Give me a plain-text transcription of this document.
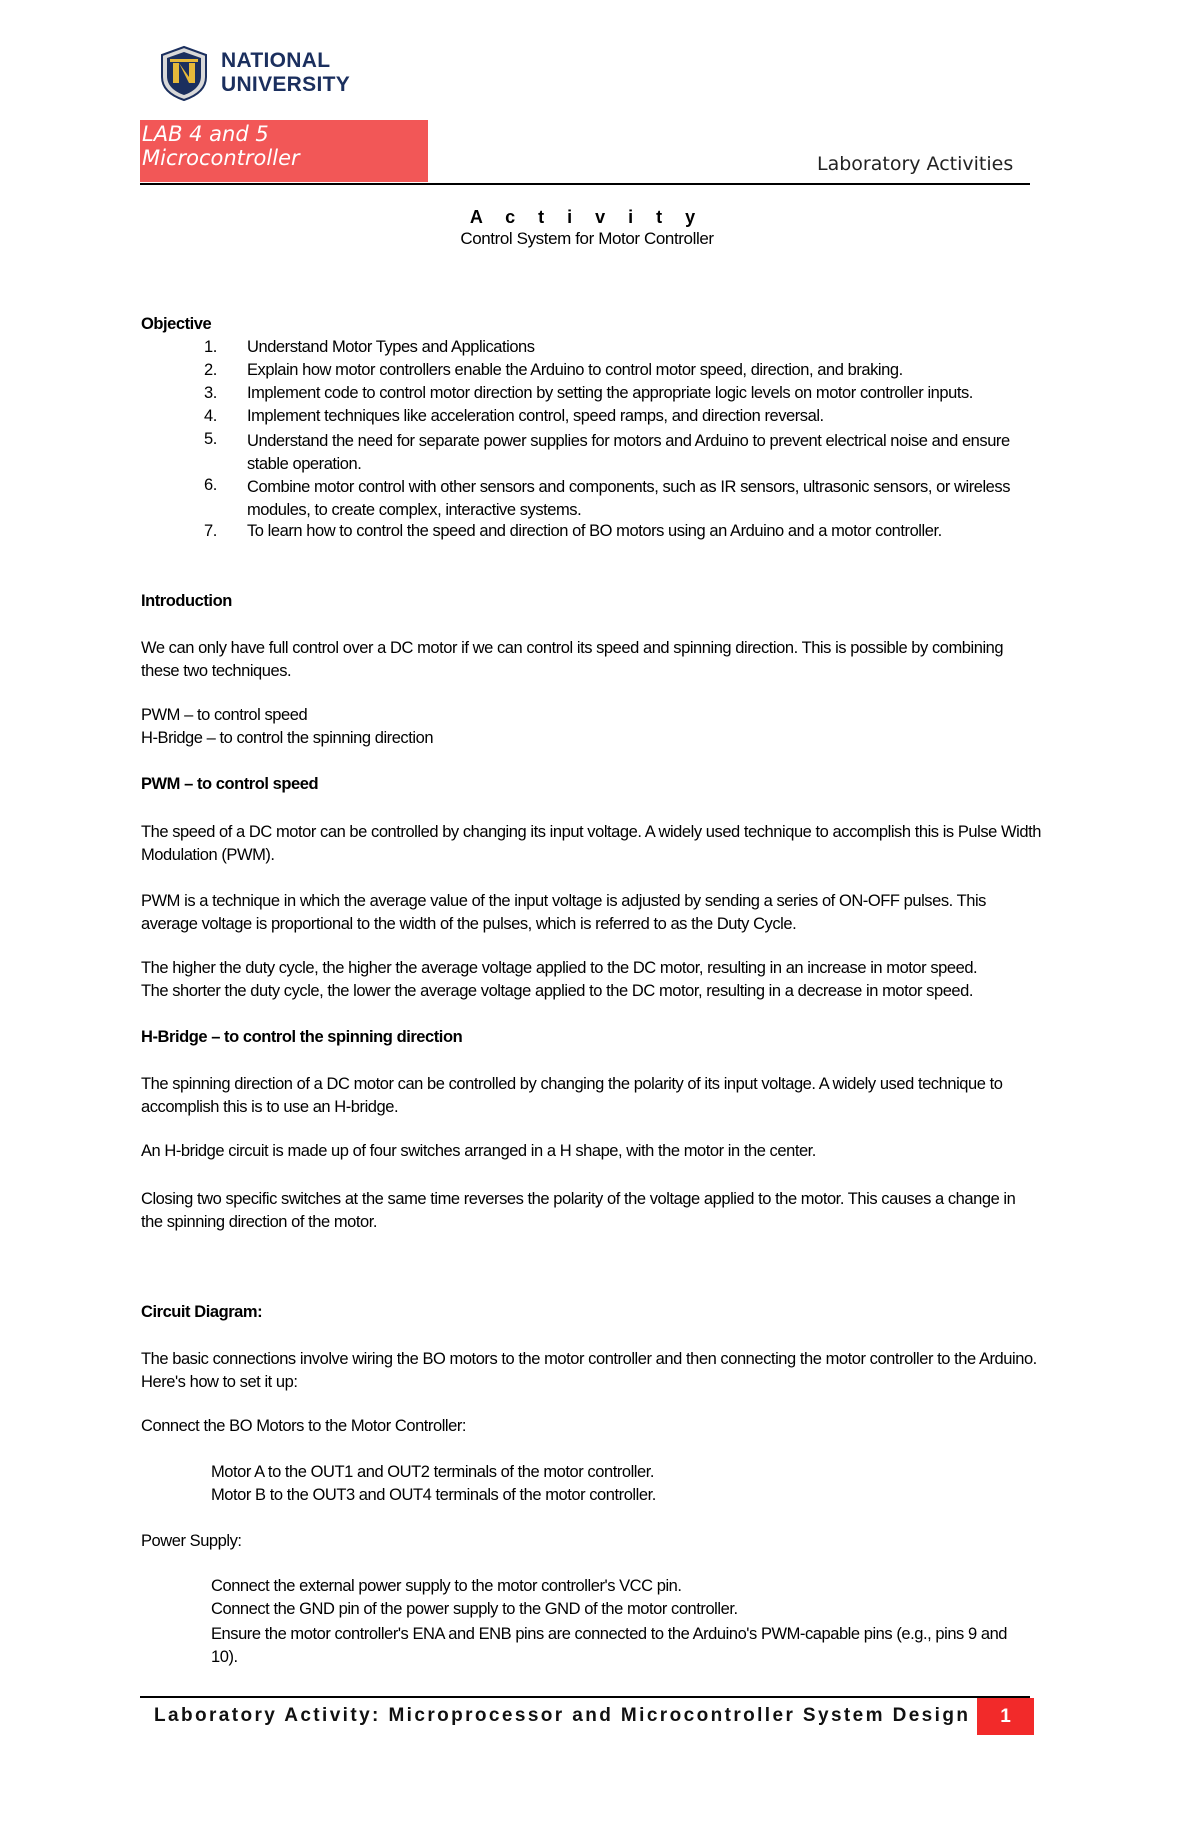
NATIONAL
UNIVERSITY
LAB 4 and 5
Microcontroller	Laboratory Activities
A c t i v i t y
Control System for Motor Controller
Objective
1. Understand Motor Types and Applications
2. Explain how motor controllers enable the Arduino to control motor speed, direction, and braking.
3. Implement code to control motor direction by setting the appropriate logic levels on motor controller inputs.
4. Implement techniques like acceleration control, speed ramps, and direction reversal.
5. Understand the need for separate power supplies for motors and Arduino to prevent electrical noise and ensure stable operation.
6. Combine motor control with other sensors and components, such as IR sensors, ultrasonic sensors, or wireless modules, to create complex, interactive systems.
7. To learn how to control the speed and direction of BO motors using an Arduino and a motor controller.
Introduction
We can only have full control over a DC motor if we can control its speed and spinning direction. This is possible by combining these two techniques.
PWM – to control speed
H-Bridge – to control the spinning direction
PWM – to control speed
The speed of a DC motor can be controlled by changing its input voltage. A widely used technique to accomplish this is Pulse Width Modulation (PWM).
PWM is a technique in which the average value of the input voltage is adjusted by sending a series of ON-OFF pulses. This average voltage is proportional to the width of the pulses, which is referred to as the Duty Cycle.
The higher the duty cycle, the higher the average voltage applied to the DC motor, resulting in an increase in motor speed.
The shorter the duty cycle, the lower the average voltage applied to the DC motor, resulting in a decrease in motor speed.
H-Bridge – to control the spinning direction
The spinning direction of a DC motor can be controlled by changing the polarity of its input voltage. A widely used technique to accomplish this is to use an H-bridge.
An H-bridge circuit is made up of four switches arranged in a H shape, with the motor in the center.
Closing two specific switches at the same time reverses the polarity of the voltage applied to the motor. This causes a change in the spinning direction of the motor.
Circuit Diagram:
The basic connections involve wiring the BO motors to the motor controller and then connecting the motor controller to the Arduino. Here's how to set it up:
Connect the BO Motors to the Motor Controller:
Motor A to the OUT1 and OUT2 terminals of the motor controller.
Motor B to the OUT3 and OUT4 terminals of the motor controller.
Power Supply:
Connect the external power supply to the motor controller's VCC pin.
Connect the GND pin of the power supply to the GND of the motor controller.
Ensure the motor controller's ENA and ENB pins are connected to the Arduino's PWM-capable pins (e.g., pins 9 and 10).
Laboratory Activity: Microprocessor and Microcontroller System Design	1
